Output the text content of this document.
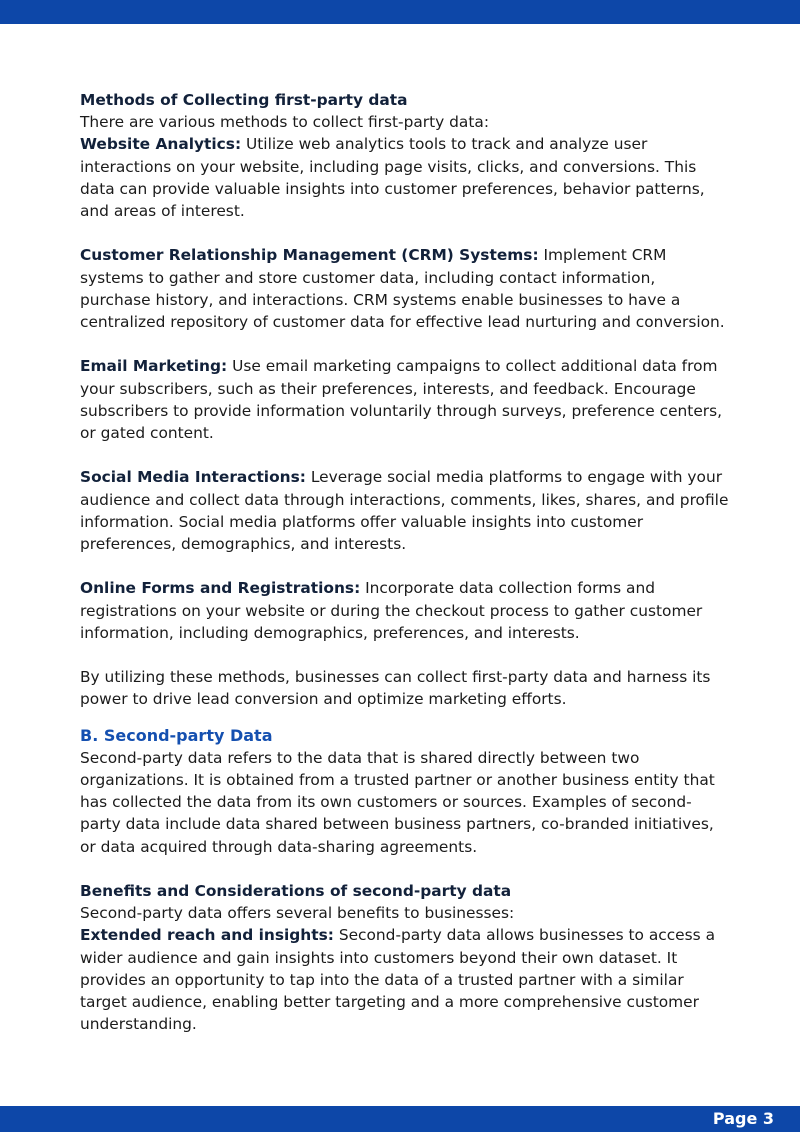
Methods of Collecting first-party data

There are various methods to collect first-party data:

Website Analytics: Utilize web analytics tools to track and analyze user interactions on your website, including page visits, clicks, and conversions. This data can provide valuable insights into customer preferences, behavior patterns, and areas of interest.

Customer Relationship Management (CRM) Systems: Implement CRM systems to gather and store customer data, including contact information, purchase history, and interactions. CRM systems enable businesses to have a centralized repository of customer data for effective lead nurturing and conversion.

Email Marketing: Use email marketing campaigns to collect additional data from your subscribers, such as their preferences, interests, and feedback. Encourage subscribers to provide information voluntarily through surveys, preference centers, or gated content.

Social Media Interactions: Leverage social media platforms to engage with your audience and collect data through interactions, comments, likes, shares, and profile information. Social media platforms offer valuable insights into customer preferences, demographics, and interests.

Online Forms and Registrations: Incorporate data collection forms and registrations on your website or during the checkout process to gather customer information, including demographics, preferences, and interests.

By utilizing these methods, businesses can collect first-party data and harness its power to drive lead conversion and optimize marketing efforts.

B. Second-party Data

Second-party data refers to the data that is shared directly between two organizations. It is obtained from a trusted partner or another business entity that has collected the data from its own customers or sources. Examples of second-party data include data shared between business partners, co-branded initiatives, or data acquired through data-sharing agreements.

Benefits and Considerations of second-party data

Second-party data offers several benefits to businesses:

Extended reach and insights: Second-party data allows businesses to access a wider audience and gain insights into customers beyond their own dataset. It provides an opportunity to tap into the data of a trusted partner with a similar target audience, enabling better targeting and a more comprehensive customer understanding.

Page 3
